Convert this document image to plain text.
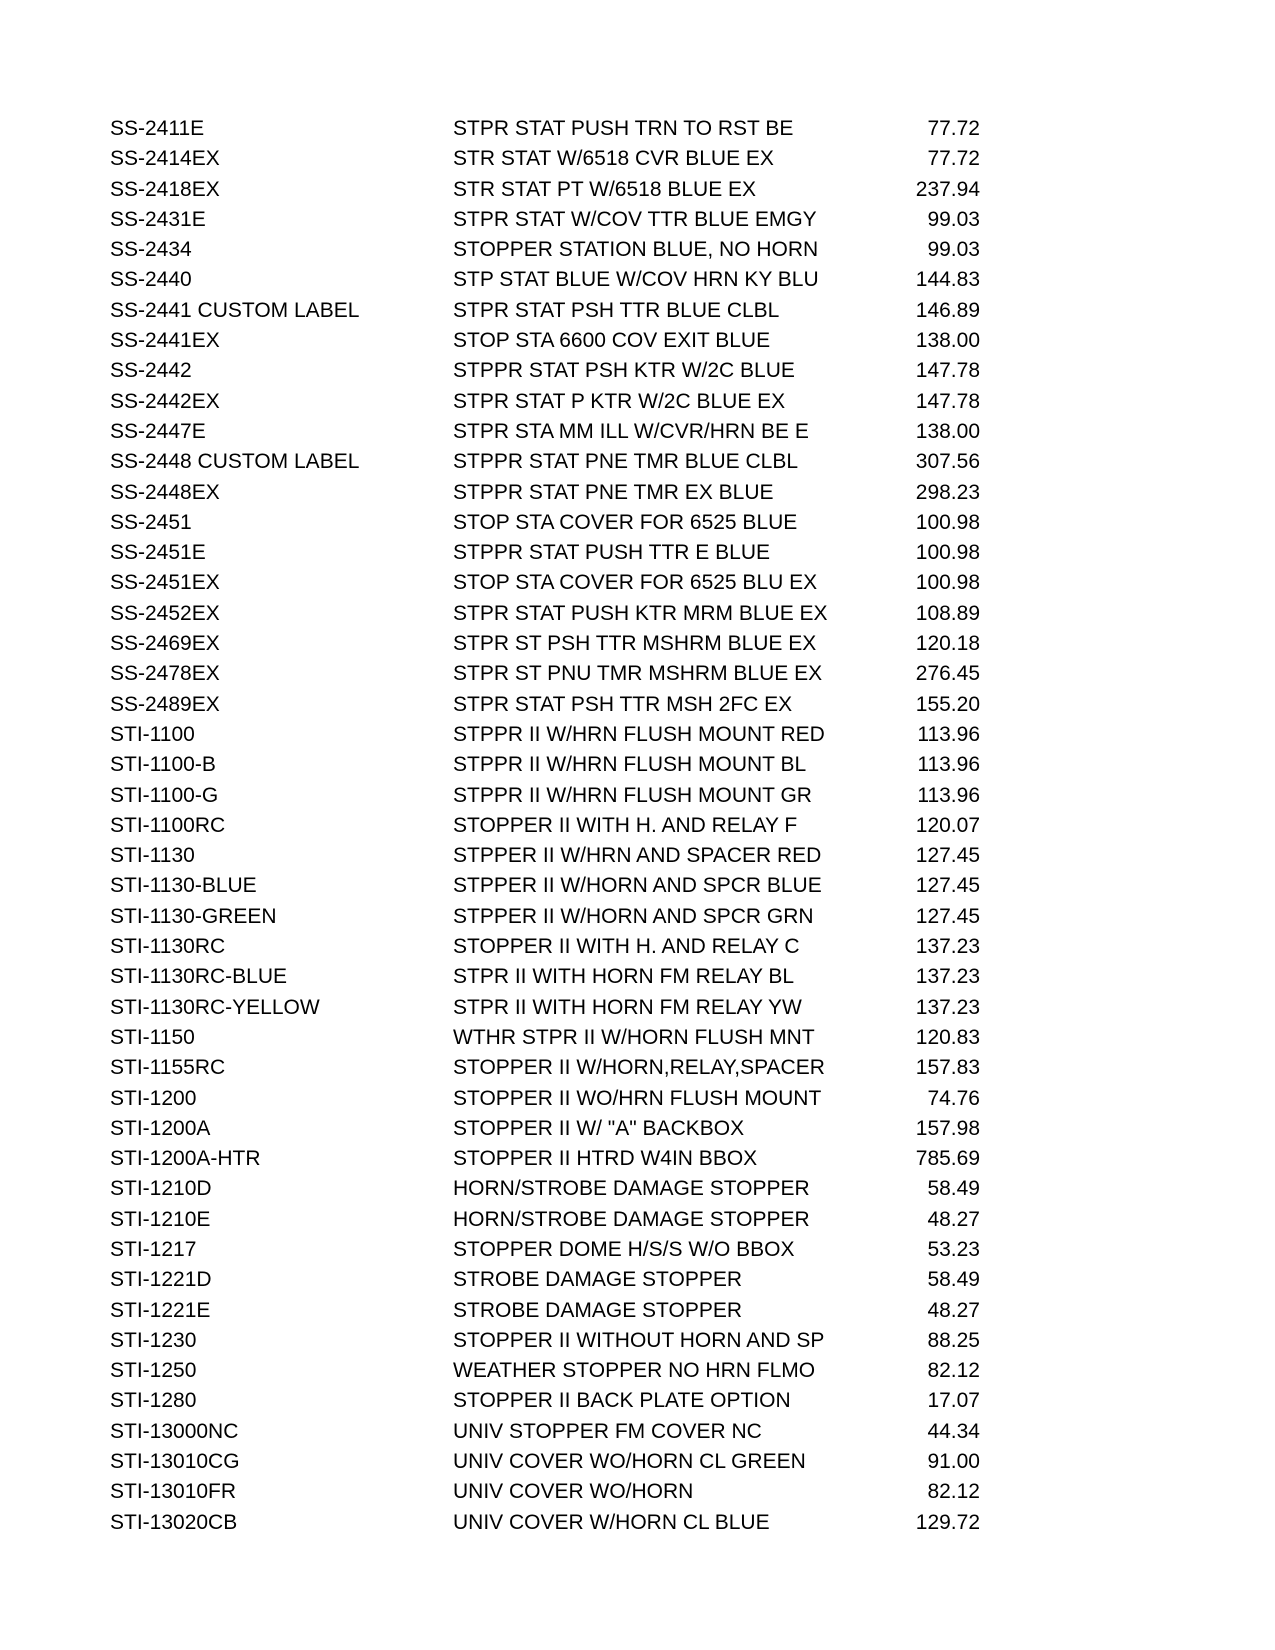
SS-2411E	STPR STAT PUSH TRN TO RST BE	77.72
SS-2414EX	STR STAT W/6518 CVR BLUE EX	77.72
SS-2418EX	STR STAT PT W/6518 BLUE EX	237.94
SS-2431E	STPR STAT W/COV TTR BLUE EMGY	99.03
SS-2434	STOPPER STATION BLUE, NO HORN	99.03
SS-2440	STP STAT BLUE W/COV HRN KY BLU	144.83
SS-2441 CUSTOM LABEL	STPR STAT PSH TTR BLUE CLBL	146.89
SS-2441EX	STOP STA 6600 COV EXIT BLUE	138.00
SS-2442	STPPR STAT PSH KTR W/2C BLUE	147.78
SS-2442EX	STPR STAT P KTR W/2C BLUE EX	147.78
SS-2447E	STPR STA MM ILL W/CVR/HRN BE E	138.00
SS-2448 CUSTOM LABEL	STPPR STAT PNE TMR BLUE CLBL	307.56
SS-2448EX	STPPR STAT PNE TMR EX BLUE	298.23
SS-2451	STOP STA COVER FOR 6525 BLUE	100.98
SS-2451E	STPPR STAT PUSH TTR E BLUE	100.98
SS-2451EX	STOP STA COVER FOR 6525 BLU EX	100.98
SS-2452EX	STPR STAT PUSH KTR MRM BLUE EX	108.89
SS-2469EX	STPR ST PSH TTR MSHRM BLUE EX	120.18
SS-2478EX	STPR ST PNU TMR MSHRM BLUE EX	276.45
SS-2489EX	STPR STAT PSH TTR MSH 2FC EX	155.20
STI-1100	STPPR II W/HRN FLUSH MOUNT RED	113.96
STI-1100-B	STPPR II W/HRN FLUSH MOUNT BL	113.96
STI-1100-G	STPPR II W/HRN FLUSH MOUNT GR	113.96
STI-1100RC	STOPPER II WITH H. AND RELAY F	120.07
STI-1130	STPPER II W/HRN AND SPACER RED	127.45
STI-1130-BLUE	STPPER II W/HORN AND SPCR BLUE	127.45
STI-1130-GREEN	STPPER II W/HORN AND SPCR GRN	127.45
STI-1130RC	STOPPER II WITH H. AND RELAY C	137.23
STI-1130RC-BLUE	STPR II WITH HORN FM RELAY BL	137.23
STI-1130RC-YELLOW	STPR II WITH HORN FM RELAY YW	137.23
STI-1150	WTHR STPR II W/HORN FLUSH MNT	120.83
STI-1155RC	STOPPER II W/HORN,RELAY,SPACER	157.83
STI-1200	STOPPER II WO/HRN FLUSH MOUNT	74.76
STI-1200A	STOPPER II W/ "A" BACKBOX	157.98
STI-1200A-HTR	STOPPER II HTRD W4IN BBOX	785.69
STI-1210D	HORN/STROBE DAMAGE STOPPER	58.49
STI-1210E	HORN/STROBE DAMAGE STOPPER	48.27
STI-1217	STOPPER DOME H/S/S W/O BBOX	53.23
STI-1221D	STROBE DAMAGE STOPPER	58.49
STI-1221E	STROBE DAMAGE STOPPER	48.27
STI-1230	STOPPER II WITHOUT HORN AND SP	88.25
STI-1250	WEATHER STOPPER NO HRN FLMO	82.12
STI-1280	STOPPER II BACK PLATE OPTION	17.07
STI-13000NC	UNIV STOPPER FM COVER NC	44.34
STI-13010CG	UNIV COVER WO/HORN CL GREEN	91.00
STI-13010FR	UNIV COVER WO/HORN	82.12
STI-13020CB	UNIV COVER W/HORN CL BLUE	129.72
